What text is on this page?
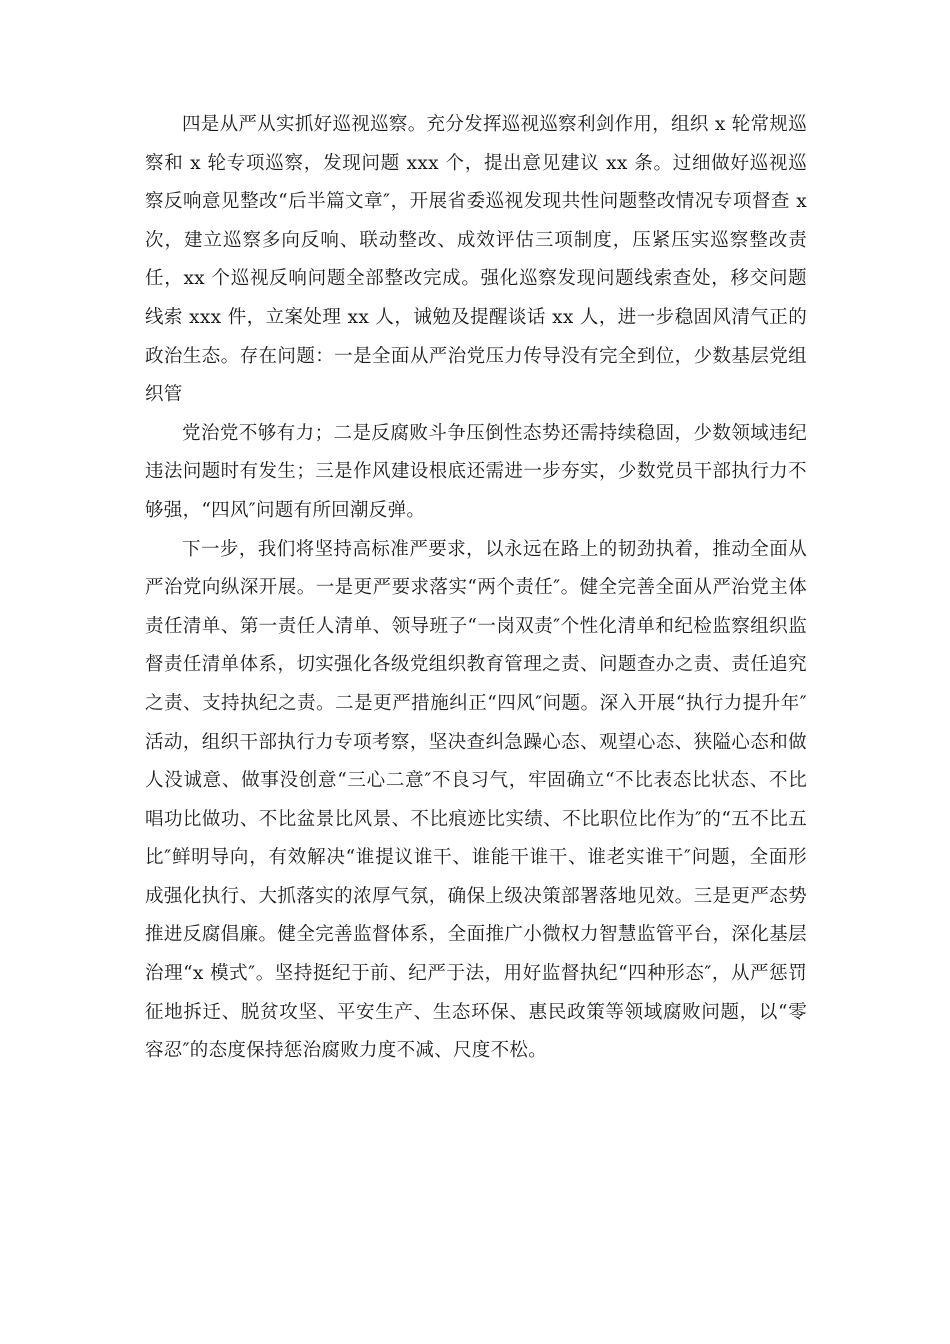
四是从严从实抓好巡视巡察。充分发挥巡视巡察利剑作用，组织 x 轮常规巡察和 x 轮专项巡察，发现问题 xxx 个，提出意见建议 xx 条。过细做好巡视巡察反响意见整改“后半篇文章″，开展省委巡视发现共性问题整改情况专项督查 x 次，建立巡察多向反响、联动整改、成效评估三项制度，压紧压实巡察整改责任，xx 个巡视反响问题全部整改完成。强化巡察发现问题线索查处，移交问题线索 xxx 件，立案处理 xx 人，诫勉及提醒谈话 xx 人，进一步稳固风清气正的政治生态。存在问题：一是全面从严治党压力传导没有完全到位，少数基层党组织管

党治党不够有力；二是反腐败斗争压倒性态势还需持续稳固，少数领域违纪违法问题时有发生；三是作风建设根底还需进一步夯实，少数党员干部执行力不够强，“四风″问题有所回潮反弹。

下一步，我们将坚持高标准严要求，以永远在路上的韧劲执着，推动全面从严治党向纵深开展。一是更严要求落实“两个责任″。健全完善全面从严治党主体责任清单、第一责任人清单、领导班子“一岗双责″个性化清单和纪检监察组织监督责任清单体系，切实强化各级党组织教育管理之责、问题查办之责、责任追究之责、支持执纪之责。二是更严措施纠正“四风″问题。深入开展“执行力提升年″活动，组织干部执行力专项考察，坚决查纠急躁心态、观望心态、狭隘心态和做人没诚意、做事没创意“三心二意″不良习气，牢固确立“不比表态比状态、不比唱功比做功、不比盆景比风景、不比痕迹比实绩、不比职位比作为″的“五不比五比″鲜明导向，有效解决“谁提议谁干、谁能干谁干、谁老实谁干″问题，全面形成强化执行、大抓落实的浓厚气氛，确保上级决策部署落地见效。三是更严态势推进反腐倡廉。健全完善监督体系，全面推广小微权力智慧监管平台，深化基层治理“x 模式″。坚持挺纪于前、纪严于法，用好监督执纪“四种形态″，从严惩罚征地拆迁、脱贫攻坚、平安生产、生态环保、惠民政策等领域腐败问题，以“零容忍″的态度保持惩治腐败力度不减、尺度不松。
